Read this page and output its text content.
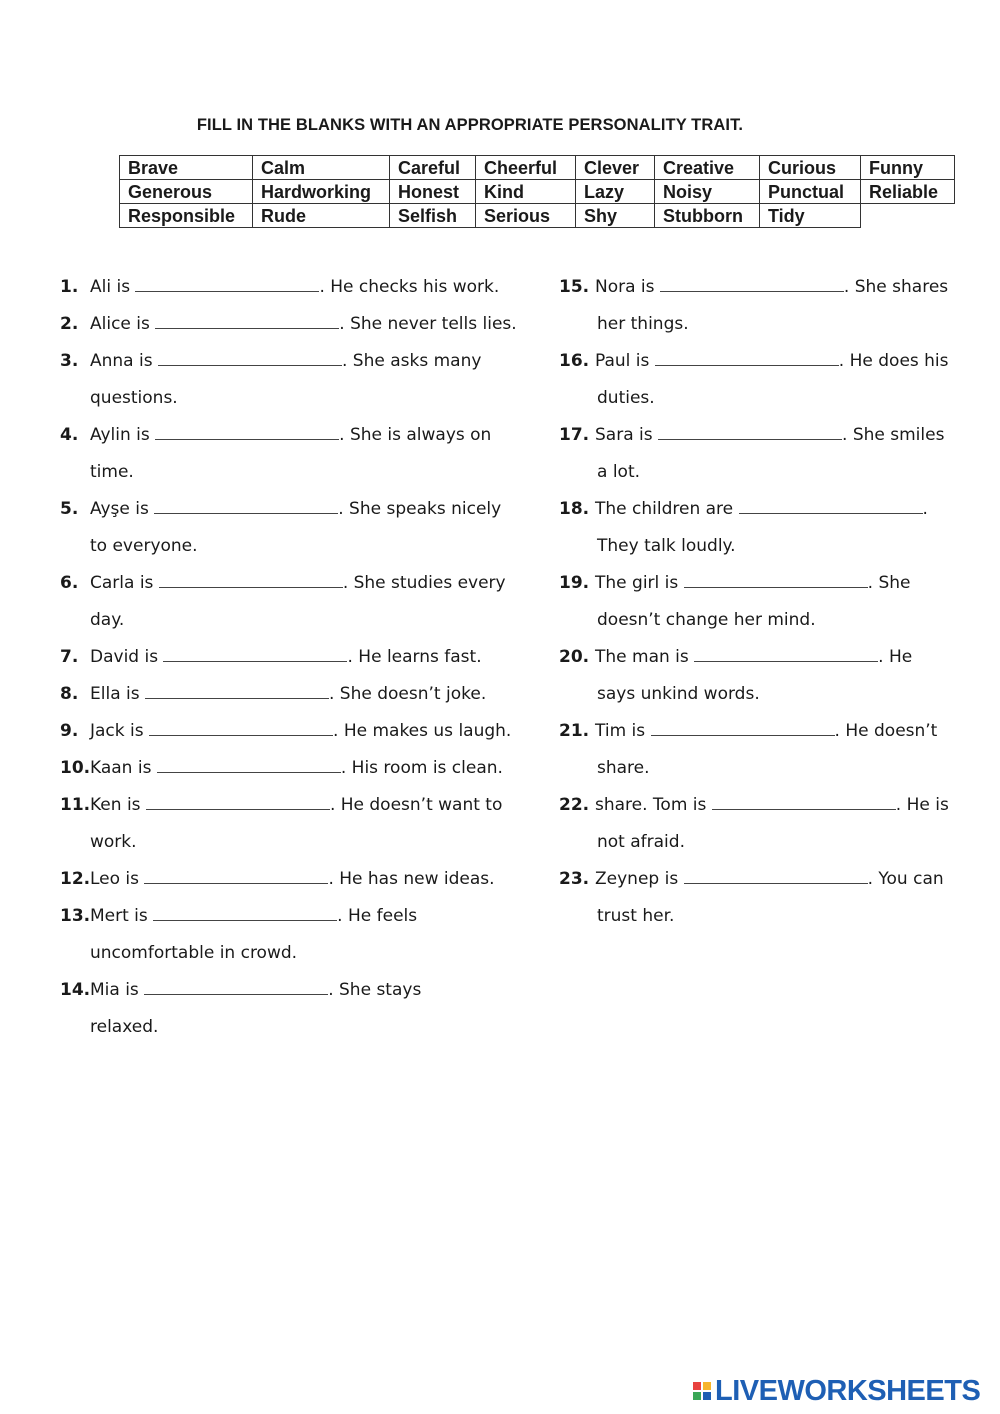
FILL IN THE BLANKS WITH AN APPROPRIATE PERSONALITY TRAIT.
Brave	Calm	Careful	Cheerful	Clever	Creative	Curious	Funny
Generous	Hardworking	Honest	Kind	Lazy	Noisy	Punctual	Reliable
Responsible	Rude	Selfish	Serious	Shy	Stubborn	Tidy	
1. Ali is	. He checks his work.
2. Alice is	. She never tells lies.
3. Anna is	. She asks many
questions.
4. Aylin is	. She is always on
time.
5. Ayşe is	. She speaks nicely
to everyone.
6. Carla is	. She studies every
day.
7. David is	. He learns fast.
8. Ella is	. She doesn’t joke.
9. Jack is	. He makes us laugh.
10. Kaan is	. His room is clean.
11. Ken is	. He doesn’t want to
work.
12. Leo is	. He has new ideas.
13. Mert is	. He feels
uncomfortable in crowd.
14. Mia is	. She stays
relaxed.
15. Nora is	. She shares
her things.
16. Paul is	. He does his
duties.
17. Sara is	. She smiles
a lot.
18. The children are	.
They talk loudly.
19. The girl is	. She
doesn’t change her mind.
20. The man is	. He
says unkind words.
21. Tim is	. He doesn’t
share.
22. share. Tom is	. He is
not afraid.
23. Zeynep is	. You can
trust her.
LIVEWORKSHEETS
